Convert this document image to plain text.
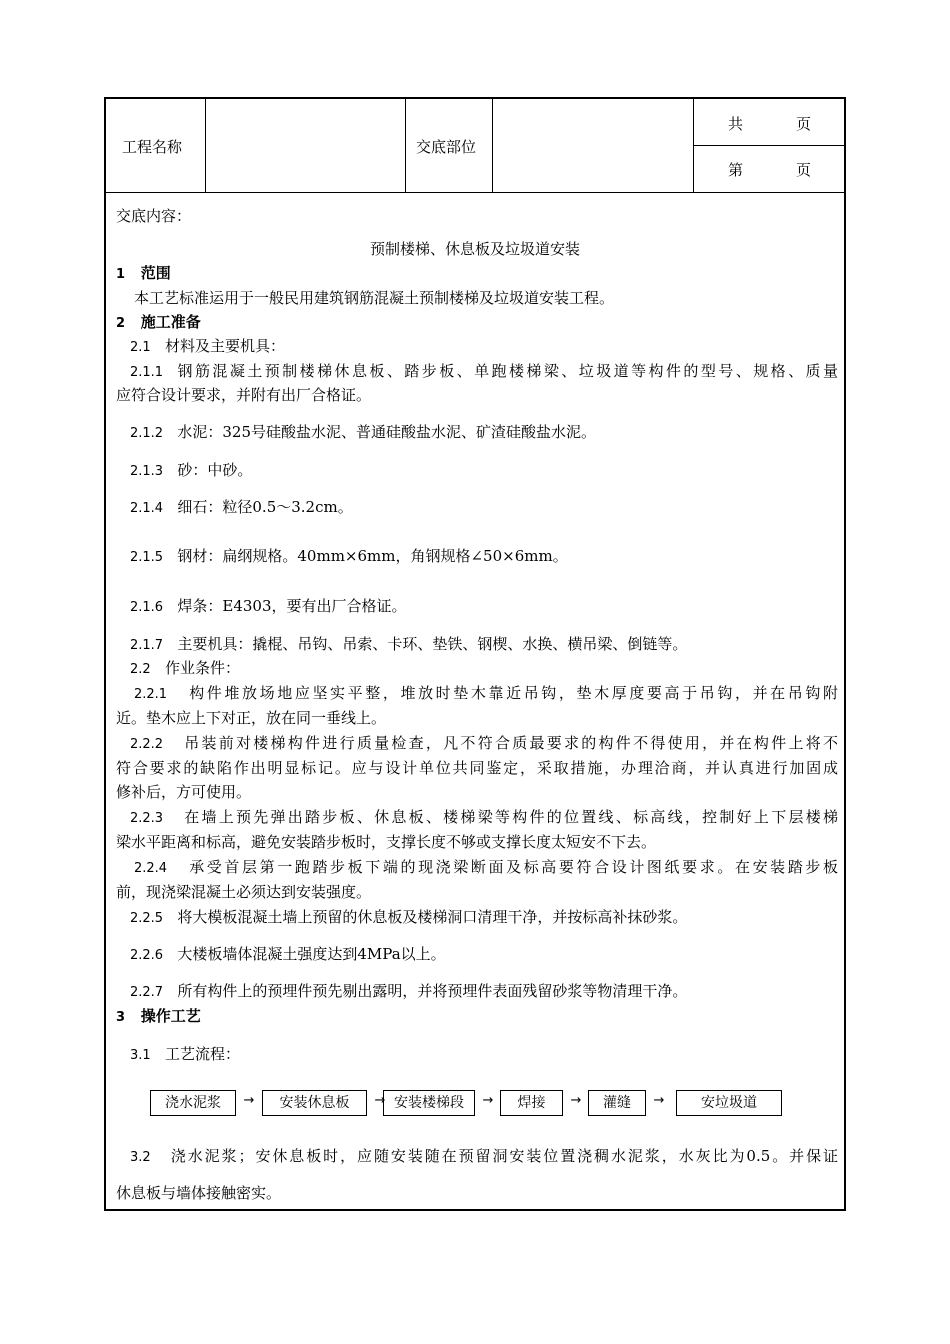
工程名称	交底部位
共	页
第	页
交底内容：
预制楼梯、休息板及垃圾道安装
1 范围
本工艺标准运用于一般民用建筑钢筋混凝土预制楼梯及垃圾道安装工程。
2 施工准备
2.1 材料及主要机具：
2.1.1 钢筋混凝土预制楼梯休息板、踏步板、单跑楼梯梁、垃圾道等构件的型号、规格、质量
应符合设计要求，并附有出厂合格证。
2.1.2 水泥：325号硅酸盐水泥、普通硅酸盐水泥、矿渣硅酸盐水泥。
2.1.3 砂：中砂。
2.1.4 细石：粒径0.5～3.2cm。
2.1.5 钢材：扁纲规格。40mm×6mm，角钢规格∠50×6mm。
2.1.6 焊条：E4303，要有出厂合格证。
2.1.7 主要机具：撬棍、吊钩、吊索、卡环、垫铁、钢楔、水换、横吊梁、倒链等。
2.2 作业条件：
2.2.1 构件堆放场地应坚实平整，堆放时垫木靠近吊钩，垫木厚度要高于吊钩，并在吊钩附
近。垫木应上下对正，放在同一垂线上。
2.2.2 吊装前对楼梯构件进行质量检查，凡不符合质最要求的构件不得使用，并在构件上将不
符合要求的缺陷作出明显标记。应与设计单位共同鉴定，采取措施，办理洽商，并认真进行加固成
修补后，方可使用。
2.2.3 在墙上预先弹出踏步板、休息板、楼梯梁等构件的位置线、标高线，控制好上下层楼梯
梁水平距离和标高，避免安装踏步板时，支撑长度不够或支撑长度太短安不下去。
2.2.4 承受首层第一跑踏步板下端的现浇梁断面及标高要符合设计图纸要求。在安装踏步板
前，现浇梁混凝土必须达到安装强度。
2.2.5 将大模板混凝土墙上预留的休息板及楼梯洞口清理干净，并按标高补抹砂浆。
2.2.6 大楼板墙体混凝土强度达到4MPa以上。
2.2.7 所有构件上的预埋件预先剔出露明，并将预埋件表面残留砂浆等物清理干净。
3 操作工艺
3.1 工艺流程：
3.2 浇水泥浆；安休息板时，应随安装随在预留洞安装位置浇稠水泥浆，水灰比为0.5。并保证
休息板与墙体接触密实。
浇水泥浆	→	安装休息板	→ 安装楼梯段	→	焊接	→	灌缝	→	安垃圾道
